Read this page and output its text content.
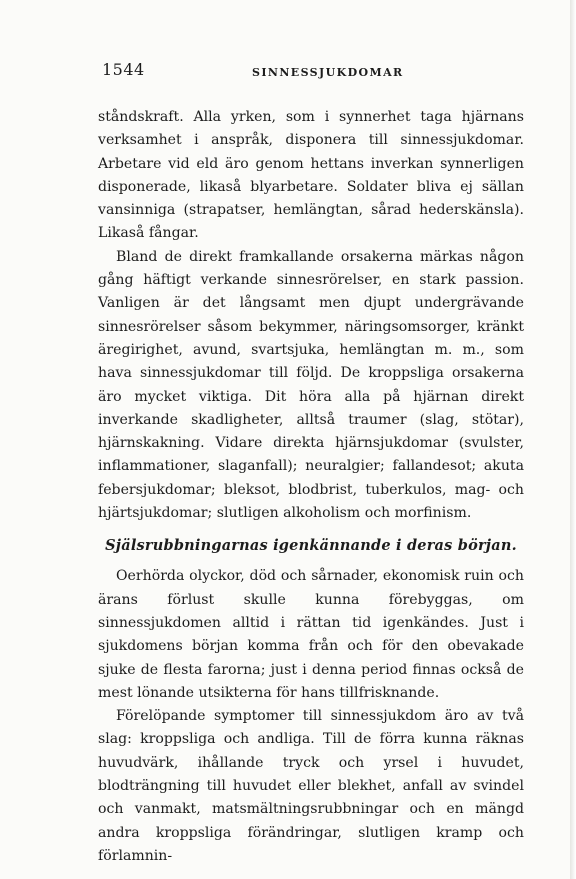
1544	SINNESSJUKDOMAR

ståndskraft. Alla yrken, som i synnerhet taga hjärnans verksamhet i anspråk, disponera till sinnessjukdomar. Arbetare vid eld äro genom hettans inverkan synnerligen disponerade, likaså blyarbetare. Soldater bliva ej sällan vansinniga (strapatser, hemlängtan, sårad hederskänsla). Likaså fångar.

Bland de direkt framkallande orsakerna märkas någon gång häftigt verkande sinnesrörelser, en stark passion. Vanligen är det långsamt men djupt undergrävande sinnesrörelser såsom bekymmer, näringsomsorger, kränkt äregirighet, avund, svartsjuka, hemlängtan m. m., som hava sinnessjukdomar till följd. De kroppsliga orsakerna äro mycket viktiga. Dit höra alla på hjärnan direkt inverkande skadligheter, alltså traumer (slag, stötar), hjärnskakning. Vidare direkta hjärnsjukdomar (svulster, inflammationer, slaganfall); neuralgier; fallandesot; akuta febersjukdomar; bleksot, blodbrist, tuberkulos, mag- och hjärtsjukdomar; slutligen alkoholism och morfinism.

Själsrubbningarnas igenkännande i deras början.

Oerhörda olyckor, död och sårnader, ekonomisk ruin och ärans förlust skulle kunna förebyggas, om sinnessjukdomen alltid i rättan tid igenkändes. Just i sjukdomens början komma från och för den obevakade sjuke de flesta farorna; just i denna period finnas också de mest lönande utsikterna för hans tillfrisknande.

Förelöpande symptomer till sinnessjukdom äro av två slag: kroppsliga och andliga. Till de förra kunna räknas huvudvärk, ihållande tryck och yrsel i huvudet, blodträngning till huvudet eller blekhet, anfall av svindel och vanmakt, matsmältningsrubbningar och en mängd andra kroppsliga förändringar, slutligen kramp och förlamnin-
